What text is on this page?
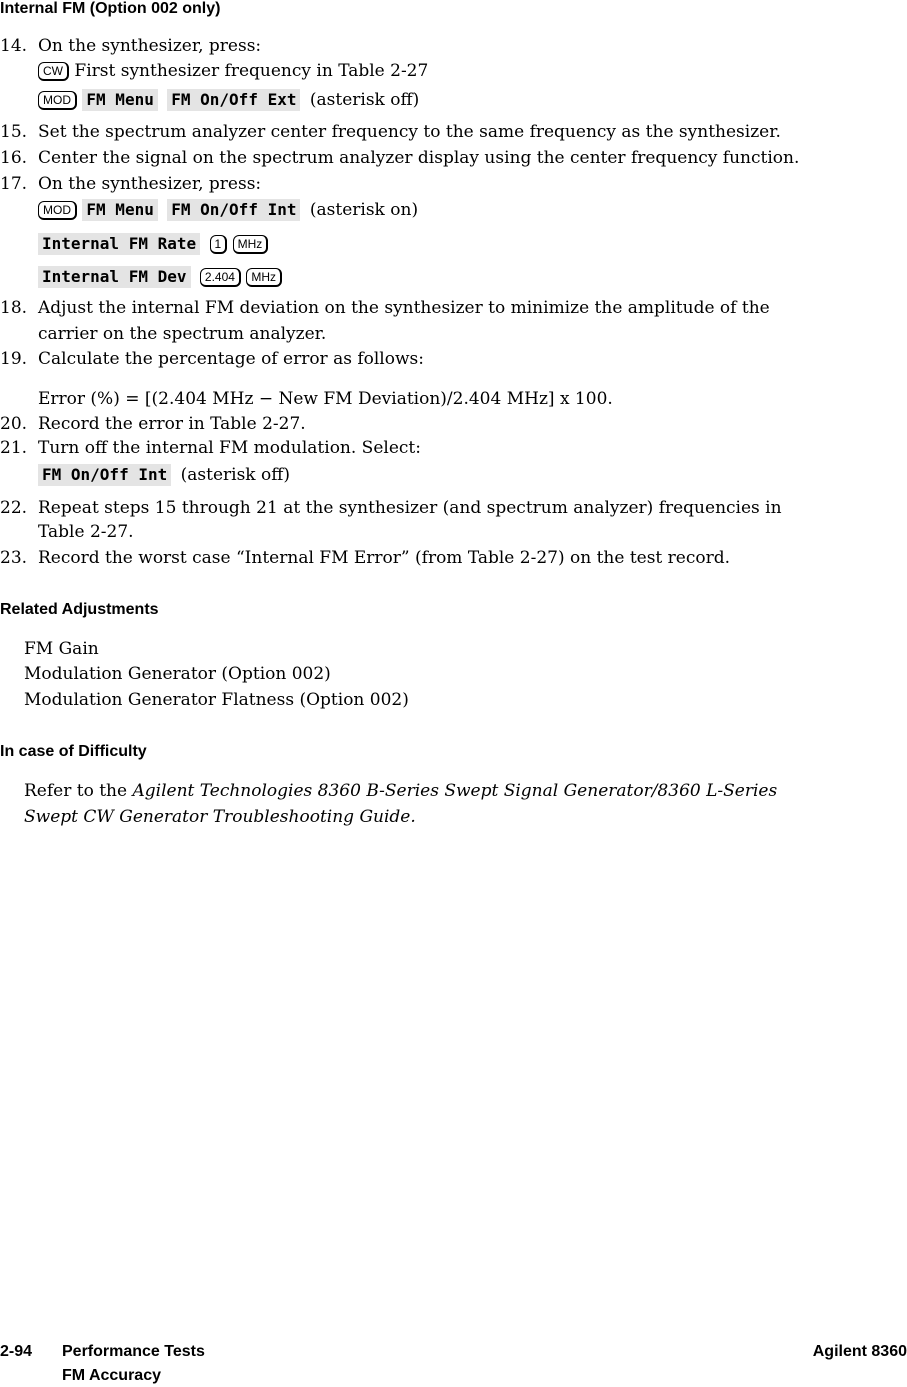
Internal FM (Option 002 only)
14. On the synthesizer, press:
CW First synthesizer frequency in Table 2-27
MOD FM Menu FM On/Off Ext (asterisk off)
15. Set the spectrum analyzer center frequency to the same frequency as the synthesizer.
16. Center the signal on the spectrum analyzer display using the center frequency function.
17. On the synthesizer, press:
MOD FM Menu FM On/Off Int (asterisk on)
Internal FM Rate 1 MHz
Internal FM Dev 2.404 MHz
18. Adjust the internal FM deviation on the synthesizer to minimize the amplitude of the
carrier on the spectrum analyzer.
19. Calculate the percentage of error as follows:
Error (%) = [(2.404 MHz − New FM Deviation)/2.404 MHz] x 100.
20. Record the error in Table 2-27.
21. Turn off the internal FM modulation. Select:
FM On/Off Int (asterisk off)
22. Repeat steps 15 through 21 at the synthesizer (and spectrum analyzer) frequencies in
Table 2-27.
23. Record the worst case “Internal FM Error” (from Table 2-27) on the test record.
Related Adjustments
FM Gain
Modulation Generator (Option 002)
Modulation Generator Flatness (Option 002)
In case of Difficulty
Refer to the Agilent Technologies 8360 B-Series Swept Signal Generator/8360 L-Series
Swept CW Generator Troubleshooting Guide.
2-94 Performance Tests
FM Accuracy
Agilent 8360
